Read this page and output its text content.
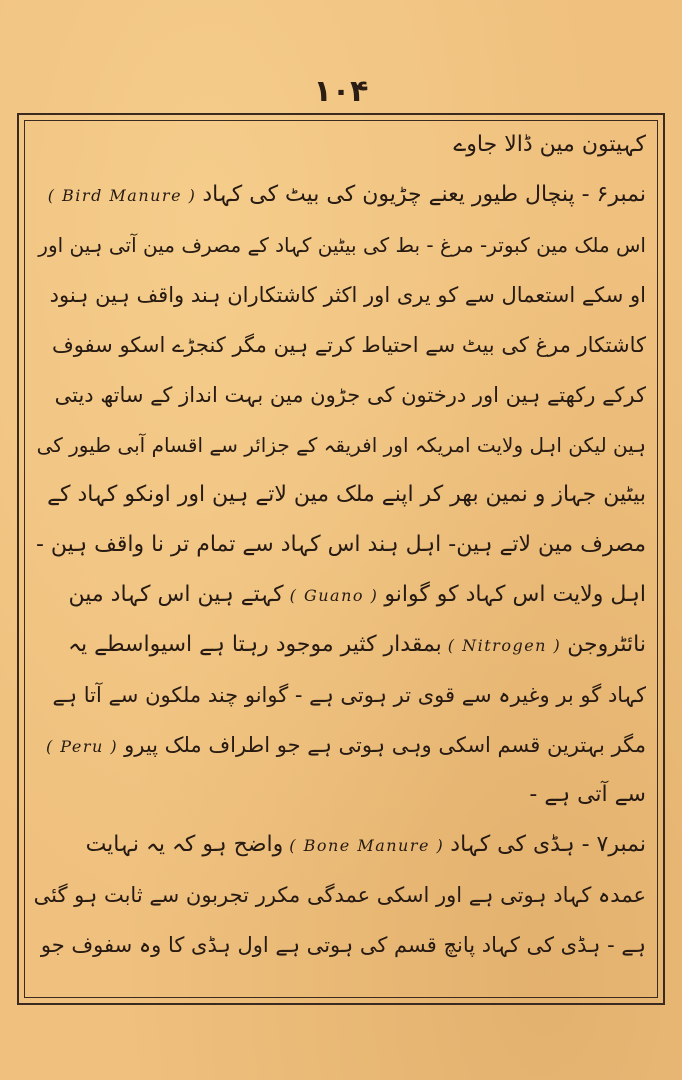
۱۰۴
کہیتون مین ڈالا جاوے
نمبر۶ - پنچال طیور یعنے چڑیون کی بیٹ کی کہاد( Bird Manure )
اس ملک مین کبوتر- مرغ - بط کی بیٹین کہاد کے مصرف مین آتی ہین اور
او سکے استعمال سے کو یری اور اکثر کاشتکاران ہند واقف ہین ہنود
کاشتکار مرغ کی بیٹ سے احتیاط کرتے ہین مگر کنجڑے اسکو سفوف
کرکے رکھتے ہین اور درختون کی جڑون مین بہت انداز کے ساتھ دیتی
ہین لیکن اہل ولایت امریکہ اور افریقہ کے جزائر سے اقسام آبی طیور کی
بیٹین جہاز و نمین بھر کر اپنے ملک مین لاتے ہین اور اونکو کہاد کے
مصرف مین لاتے ہین- اہل ہند اس کہاد سے تمام تر نا واقف ہین -
اہل ولایت اس کہاد کو گوانو( Guano )کہتے ہین اس کہاد مین
نائٹروجن( Nitrogen )بمقدار کثیر موجود رہتا ہے اسیواسطے یہ
کہاد گو بر وغیرہ سے قوی تر ہوتی ہے - گوانو چند ملکون سے آتا ہے
مگر بہترین قسم اسکی وہی ہوتی ہے جو اطراف ملک پیرو( Peru )
سے آتی ہے -
نمبر۷ - ہڈی کی کہاد( Bone Manure )واضح ہو کہ یہ نہایت
عمدہ کہاد ہوتی ہے اور اسکی عمدگی مکرر تجربون سے ثابت ہو گئی
ہے - ہڈی کی کہاد پانچ قسم کی ہوتی ہے اول ہڈی کا وہ سفوف جو
